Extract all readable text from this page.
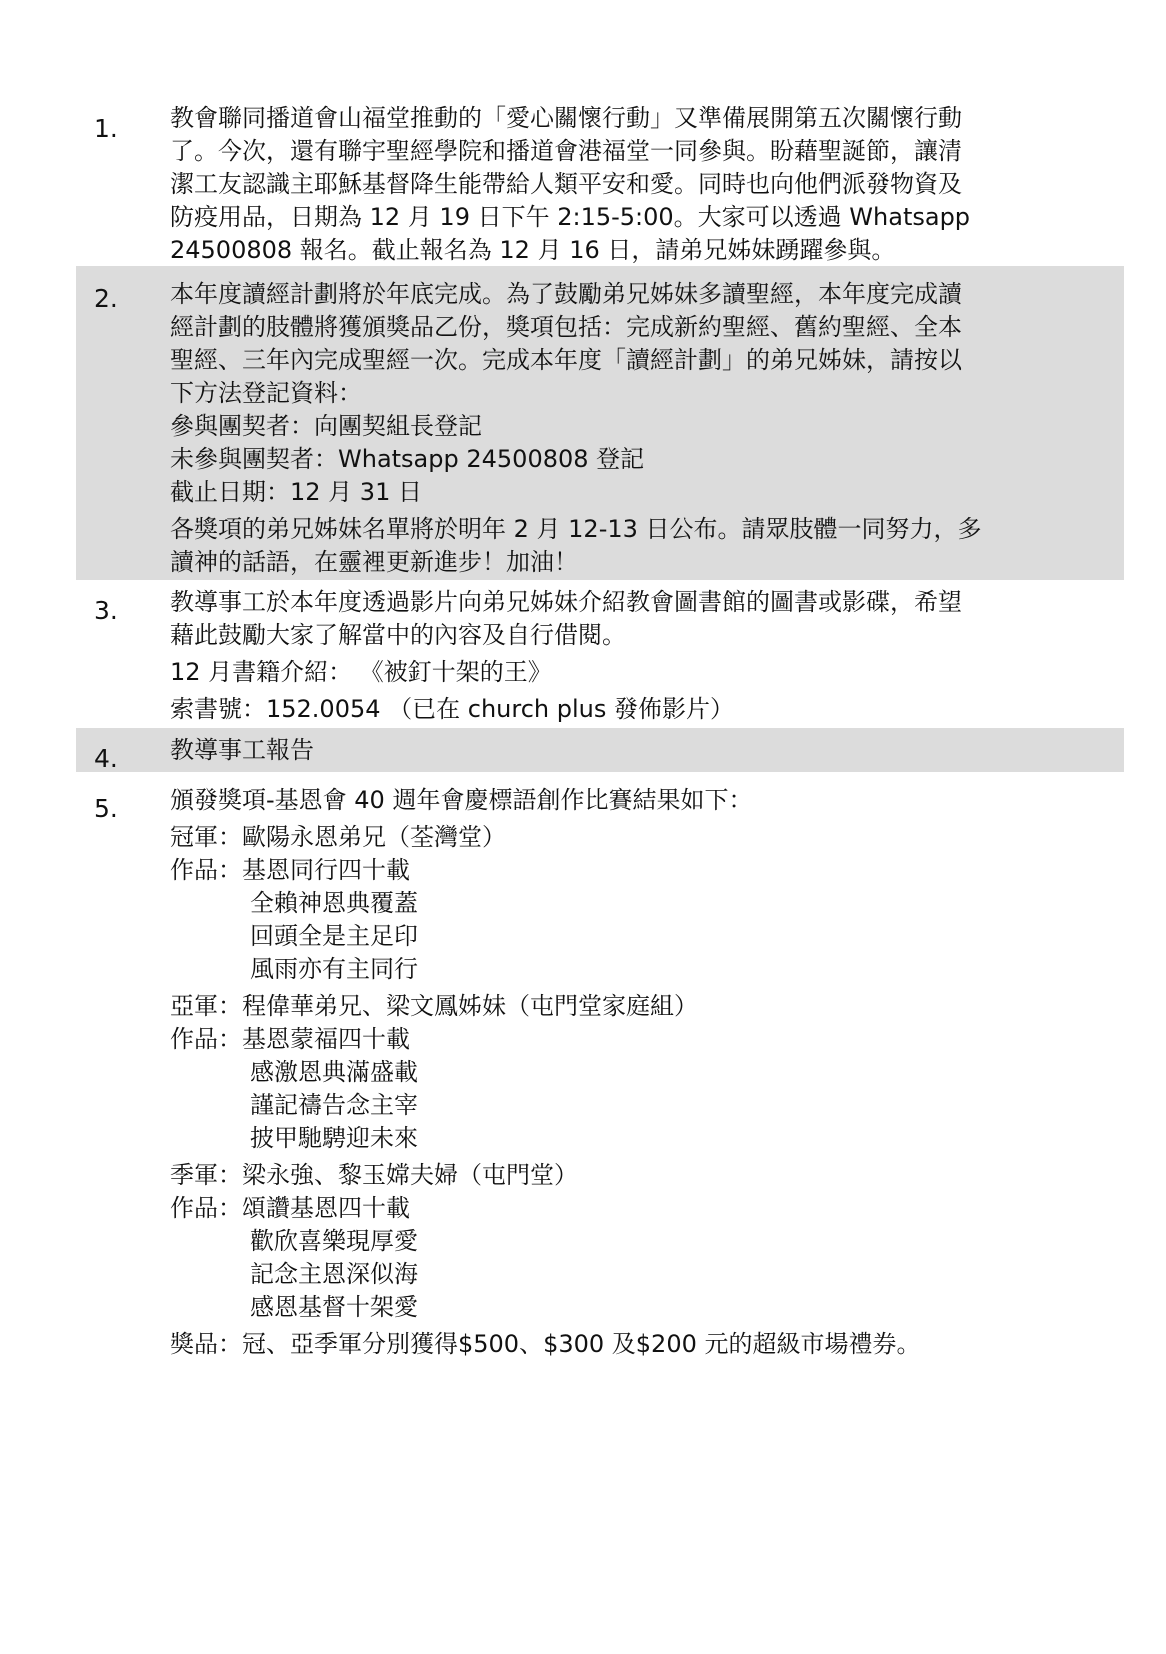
1. 教會聯同播道會山福堂推動的「愛心關懷行動」又準備展開第五次關懷行動
了。今次，還有聯宇聖經學院和播道會港福堂一同參與。盼藉聖誕節，讓清
潔工友認識主耶穌基督降生能帶給人類平安和愛。同時也向他們派發物資及
防疫用品，日期為 12 月 19 日下午 2:15-5:00。大家可以透過 Whatsapp
24500808 報名。截止報名為 12 月 16 日，請弟兄姊妹踴躍參與。
2. 本年度讀經計劃將於年底完成。為了鼓勵弟兄姊妹多讀聖經，本年度完成讀
經計劃的肢體將獲頒獎品乙份，獎項包括：完成新約聖經、舊約聖經、全本
聖經、三年內完成聖經一次。完成本年度「讀經計劃」的弟兄姊妹，請按以
下方法登記資料：
參與團契者：向團契組長登記
未參與團契者：Whatsapp 24500808 登記
截止日期：12 月 31 日
各獎項的弟兄姊妹名單將於明年 2 月 12-13 日公布。請眾肢體一同努力，多
讀神的話語，在靈裡更新進步！加油！
3. 教導事工於本年度透過影片向弟兄姊妹介紹教會圖書館的圖書或影碟，希望
藉此鼓勵大家了解當中的內容及自行借閱。
12 月書籍介紹： 《被釘十架的王》
索書號：152.0054 （已在 church plus 發佈影片）
4. 教導事工報告
5. 頒發獎項-基恩會 40 週年會慶標語創作比賽結果如下：
冠軍：歐陽永恩弟兄（荃灣堂）
作品：基恩同行四十載
全賴神恩典覆蓋
回頭全是主足印
風雨亦有主同行
亞軍：程偉華弟兄、梁文鳳姊妹（屯門堂家庭組）
作品：基恩蒙福四十載
感激恩典滿盛載
謹記禱告念主宰
披甲馳騁迎未來
季軍：梁永強、黎玉嫦夫婦（屯門堂）
作品：頌讚基恩四十載
歡欣喜樂現厚愛
記念主恩深似海
感恩基督十架愛
獎品：冠、亞季軍分別獲得$500、$300 及$200 元的超級市場禮券。
